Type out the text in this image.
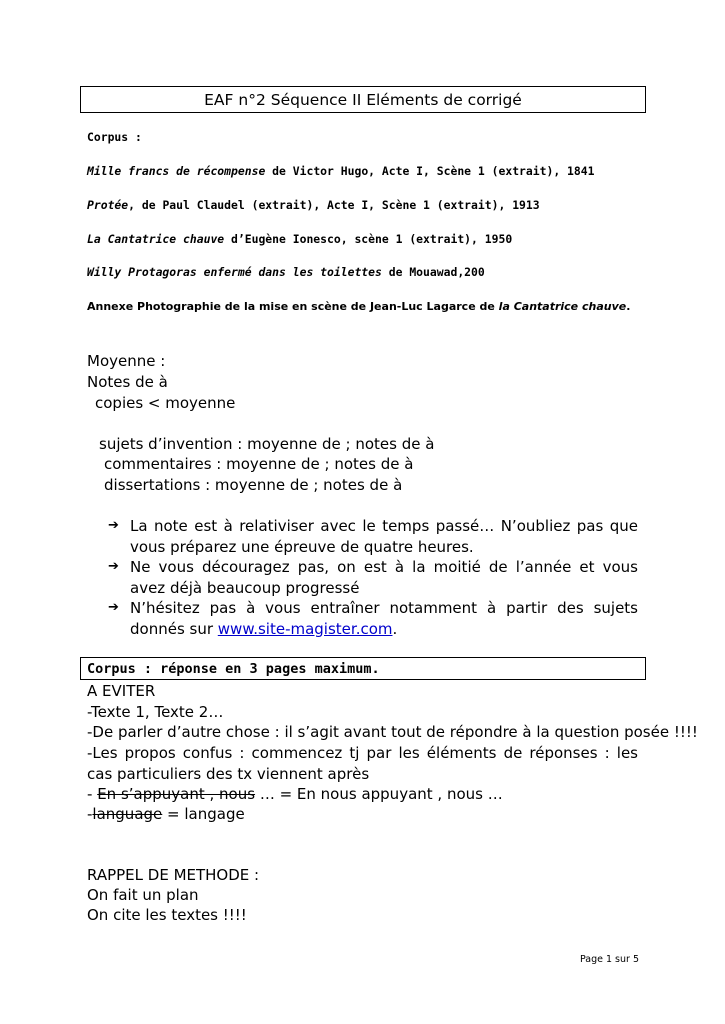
EAF n°2 Séquence II Eléments de corrigé
Corpus :
Mille francs de récompense de Victor Hugo, Acte I, Scène 1 (extrait), 1841
Protée, de Paul Claudel (extrait), Acte I, Scène 1 (extrait), 1913
La Cantatrice chauve d’Eugène Ionesco, scène 1 (extrait), 1950
Willy Protagoras enfermé dans les toilettes de Mouawad,200
Annexe Photographie de la mise en scène de Jean-Luc Lagarce de la Cantatrice chauve.
Moyenne :
Notes de à
copies < moyenne
sujets d’invention : moyenne de ; notes de à
commentaires : moyenne de ; notes de à
dissertations : moyenne de ; notes de à
➔ La note est à relativiser avec le temps passé… N’oubliez pas que vous préparez une épreuve de quatre heures.
➔ Ne vous découragez pas, on est à la moitié de l’année et vous avez déjà beaucoup progressé
➔ N’hésitez pas à vous entraîner notamment à partir des sujets donnés sur www.site-magister.com.
Corpus : réponse en 3 pages maximum.
A EVITER
-Texte 1, Texte 2…
-De parler d’autre chose : il s’agit avant tout de répondre à la question posée !!!!
-Les propos confus : commencez tj par les éléments de réponses : les cas particuliers des tx viennent après
- En s’appuyant , nous … = En nous appuyant , nous …
-language = langage
RAPPEL DE METHODE :
On fait un plan
On cite les textes !!!!
Page 1 sur 5
